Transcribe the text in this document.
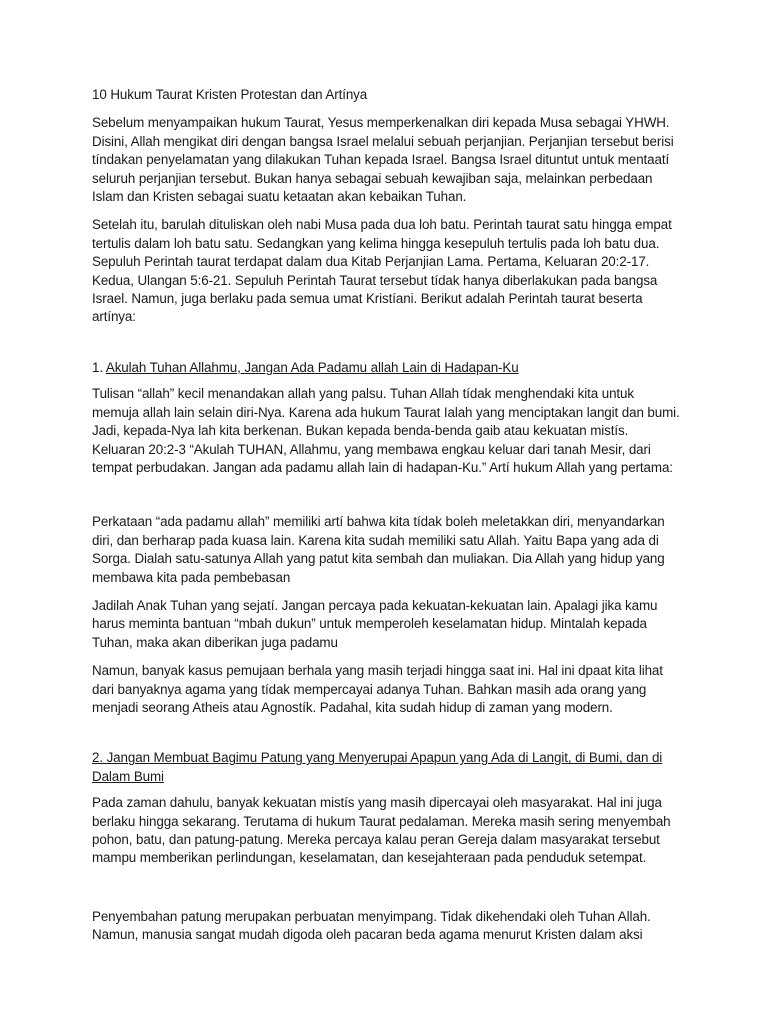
10 Hukum Taurat Kristen Protestan dan Artínya

Sebelum menyampaikan hukum Taurat, Yesus memperkenalkan diri kepada Musa sebagai YHWH. Disini, Allah mengikat diri dengan bangsa Israel melalui sebuah perjanjian. Perjanjian tersebut berisi tíndakan penyelamatan yang dilakukan Tuhan kepada Israel. Bangsa Israel dituntut untuk mentaatí seluruh perjanjian tersebut. Bukan hanya sebagai sebuah kewajiban saja, melainkan perbedaan Islam dan Kristen sebagai suatu ketaatan akan kebaikan Tuhan.

Setelah itu, barulah dituliskan oleh nabi Musa pada dua loh batu. Perintah taurat satu hingga empat tertulis dalam loh batu satu. Sedangkan yang kelima hingga kesepuluh tertulis pada loh batu dua. Sepuluh Perintah taurat terdapat dalam dua Kitab Perjanjian Lama. Pertama, Keluaran 20:2-17. Kedua, Ulangan 5:6-21. Sepuluh Perintah Taurat tersebut tídak hanya diberlakukan pada bangsa Israel. Namun, juga berlaku pada semua umat Kristíani. Berikut adalah Perintah taurat beserta artínya:

1. Akulah Tuhan Allahmu, Jangan Ada Padamu allah Lain di Hadapan-Ku

Tulisan “allah” kecil menandakan allah yang palsu. Tuhan Allah tídak menghendaki kita untuk memuja allah lain selain diri-Nya. Karena ada hukum Taurat Ialah yang menciptakan langit dan bumi. Jadi, kepada-Nya lah kita berkenan. Bukan kepada benda-benda gaib atau kekuatan mistís. Keluaran 20:2-3 “Akulah TUHAN, Allahmu, yang membawa engkau keluar dari tanah Mesir, dari tempat perbudakan. Jangan ada padamu allah lain di hadapan-Ku.” Artí hukum Allah yang pertama:

Perkataan “ada padamu allah” memiliki artí bahwa kita tídak boleh meletakkan diri, menyandarkan diri, dan berharap pada kuasa lain. Karena kita sudah memiliki satu Allah. Yaitu Bapa yang ada di Sorga. Dialah satu-satunya Allah yang patut kita sembah dan muliakan. Dia Allah yang hidup yang membawa kita pada pembebasan

Jadilah Anak Tuhan yang sejatí. Jangan percaya pada kekuatan-kekuatan lain. Apalagi jika kamu harus meminta bantuan “mbah dukun” untuk memperoleh keselamatan hidup. Mintalah kepada Tuhan, maka akan diberikan juga padamu

Namun, banyak kasus pemujaan berhala yang masih terjadi hingga saat ini. Hal ini dpaat kita lihat dari banyaknya agama yang tídak mempercayai adanya Tuhan. Bahkan masih ada orang yang menjadi seorang Atheis atau Agnostík. Padahal, kita sudah hidup di zaman yang modern.

2. Jangan Membuat Bagimu Patung yang Menyerupai Apapun yang Ada di Langit, di Bumi, dan di Dalam Bumi

Pada zaman dahulu, banyak kekuatan mistís yang masih dipercayai oleh masyarakat. Hal ini juga berlaku hingga sekarang. Terutama di hukum Taurat pedalaman. Mereka masih sering menyembah pohon, batu, dan patung-patung. Mereka percaya kalau peran Gereja dalam masyarakat tersebut mampu memberikan perlindungan, keselamatan, dan kesejahteraan pada penduduk setempat.

Penyembahan patung merupakan perbuatan menyimpang. Tidak dikehendaki oleh Tuhan Allah. Namun, manusia sangat mudah digoda oleh pacaran beda agama menurut Kristen dalam aksi
